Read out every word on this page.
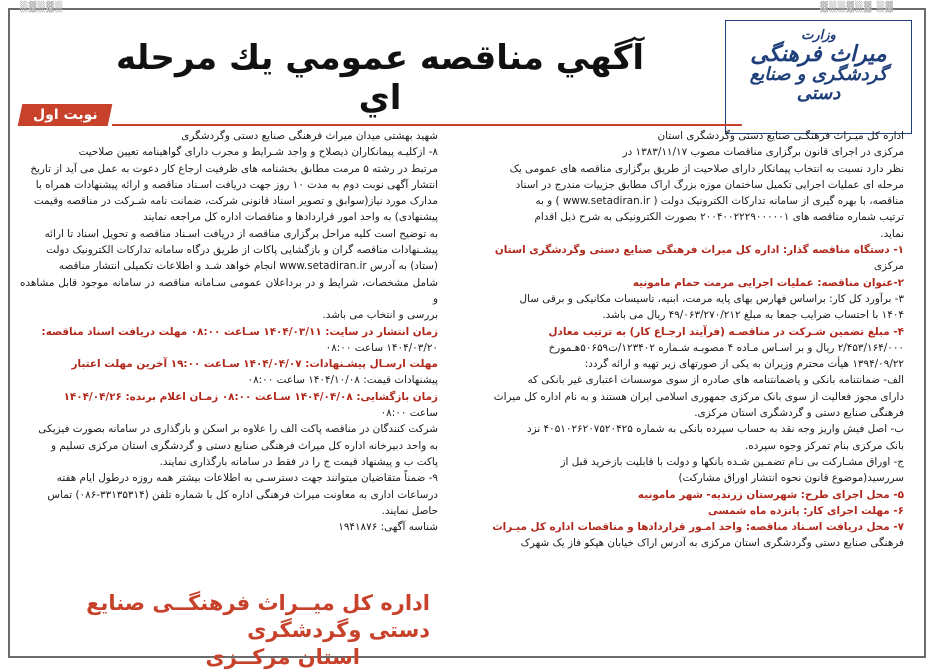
▓▒▒▓▒▓ ▒▓
▒▓▒▓▒
وزارت
میراث فرهنگی
گردشگری و صنایع دستی
آگهي مناقصه عمومي يك مرحله اي
نوبت اول

اداره کل میـراث فرهنگـی صنایع دستی وگردشگری استان

مرکزی در اجرای قانون برگزاری مناقصات مصوب ۱۳۸۳/۱۱/۱۷ در

نظر دارد نسبت به انتخاب پیمانکار دارای صلاحیت از طریق برگزاری مناقصه های عمومی یک

مرحله ای عملیات اجرایی تکمیل ساختمان موزه بزرگ اراک مطابق جزییات مندرج در اسناد

مناقصه، با بهره گیری از سامانه تدارکات الکترونیک دولت ( www.setadiran.ir ) و به

ترتیب شماره مناقصه های ۲۰۰۴۰۰۲۲۲۹۰۰۰۰۰۱ بصورت الکترونیکی به شرح ذیل اقدام

نماید.

۱- دستگاه مناقصه گذار: اداره کل میراث فرهنگی صنایع دستی وگردشگری استان

مرکزی

۲-عنوان مناقصه: عملیات اجرایی مرمت حمام مامونیه

۳- برآورد کل کار: براساس فهارس بهای پایه مرمت، ابنیه، تاسیسات مکانیکی و برقی سال

۱۴۰۴ با احتساب ضرایب جمعا به مبلغ ۴۹/۰۶۳/۲۷۰/۲۱۲ ریال می باشد.

۴- مبلغ تضمین شـرکت در مناقصـه (فرآیند ارجـاع کار) به ترتیب معادل

۲/۴۵۳/۱۶۴/۰۰۰ ریال و بر اسـاس مـاده ۴ مصوبـه شـماره ۱۲۳۴۰۲/ت۵۰۶۵۹هـمورخ

۱۳۹۴/۰۹/۲۲ هیأت محترم وزیران به یکی از صورتهای زیر تهیه و ارائه گردد:

الف- ضمانتنامه بانکی و یاضمانتنامه های صادره از سوی موسسات اعتباری غیر بانکی که

دارای مجوز فعالیت از سوی بانک مرکزی جمهوری اسلامی ایران هستند و به نام اداره کل میراث

فرهنگی صنایع دستی و گردشگری استان مرکزی.

ب- اصل فیش واریز وجه نقد به حساب سپرده بانکی به شماره ۴۰۵۱۰۲۶۲۰۷۵۲۰۴۲۵ نزد

بانک مرکزی بنام تمرکز وجوه سپرده.

ج- اوراق مشـارکت بی نـام تضمـین شـده بانکها و دولت با قابلیت بازخرید قبل از

سررسید(موضوع قانون نحوه انتشار اوراق مشارکت)

۵- محل اجرای طرح: شهرستان زرندیه- شهر مامونیه

۶- مهلت اجرای کار: پانزده ماه شمسی

۷- محل دریافت اسـناد مناقصه: واحد امـور قراردادها و مناقصات اداره کل میـراث

فرهنگی صنایع دستی وگردشگری استان مرکزی به آدرس اراک خیابان هپکو فاز یک شهرک

شهید بهشتی میدان میراث فرهنگی صنایع دستی وگردشگری

۸- ازکلیـه پیمانکاران ذیصلاح و واجد شـرایط و مجرب دارای گواهینامه تعیین صلاحیت

مرتبط در رشته ۵ مرمت مطابق بخشنامه های ظرفیت ارجاع کار دعوت به عمل می آید از تاریخ

انتشار آگهی نوبت دوم به مدت ۱۰ روز جهت دریافت اسـناد مناقصه و ارائه پیشنهادات همراه با

مدارک مورد نیاز(سوابق و تصویر اسناد قانونی شرکت، ضمانت نامه شـرکت در مناقصه وقیمت

پیشنهادی) به واحد امور قراردادها و مناقصات اداره کل مراجعه نمایند

به توضیح است کلیه مراحل برگزاری مناقصه از دریافت اسـناد مناقصه و تحویل اسناد تا ارائه

پیشـنهادات مناقصه گران و بازگشایی پاکات از طریق درگاه سامانه تدارکات الکترونیک دولت

(ستاد) به آدرس www.setadiran.ir انجام خواهد شـد و اطلاعات تکمیلی انتشار مناقصه

شامل مشخصات، شرایط و در برداعلان عمومی سـامانه مناقصه در سامانه موجود قابل مشاهده و

بررسی و انتخاب می باشد.

زمان انتشار در سایت: ۱۴۰۴/۰۳/۱۱ سـاعت ۰۸:۰۰ مهلت دریافت اسناد مناقصه:

۱۴۰۴/۰۳/۲۰ ساعت ۰۸:۰۰

مهلت ارسـال پیشـنهادات: ۱۴۰۴/۰۴/۰۷ سـاعت ۱۹:۰۰ آخرین مهلت اعتبار

پیشنهادات قیمت: ۱۴۰۴/۱۰/۰۸ ساعت ۰۸:۰۰

زمان بازگشایی: ۱۴۰۴/۰۴/۰۸ سـاعت ۰۸:۰۰ زمـان اعلام برنده: ۱۴۰۴/۰۴/۲۶

ساعت ۰۸:۰۰

شرکت کنندگان در مناقصه پاکت الف را علاوه بر اسکن و بارگذاری در سامانه بصورت فیزیکی

به واحد دبیرخانه اداره کل میراث فرهنگی صنایع دستی و گردشگری استان مرکزی تسلیم و

پاکت ب و پیشنهاد قیمت ج را در فقط در سامانه بارگذاری نمایند.

۹- ضمناً متقاضیان میتوانند جهت دسترسـی به اطلاعات بیشتر همه روزه درطول ایام هفته

درساعات اداری به معاونت میراث فرهنگی اداره کل با شماره تلفن (۳۳۱۳۵۳۱۴-۰۸۶) تماس

حاصل نمایند.

شناسه آگهی: ۱۹۴۱۸۷۶

اداره کل میــراث فرهنگــی صنایع دستی وگردشگری
استان مرکــزی
